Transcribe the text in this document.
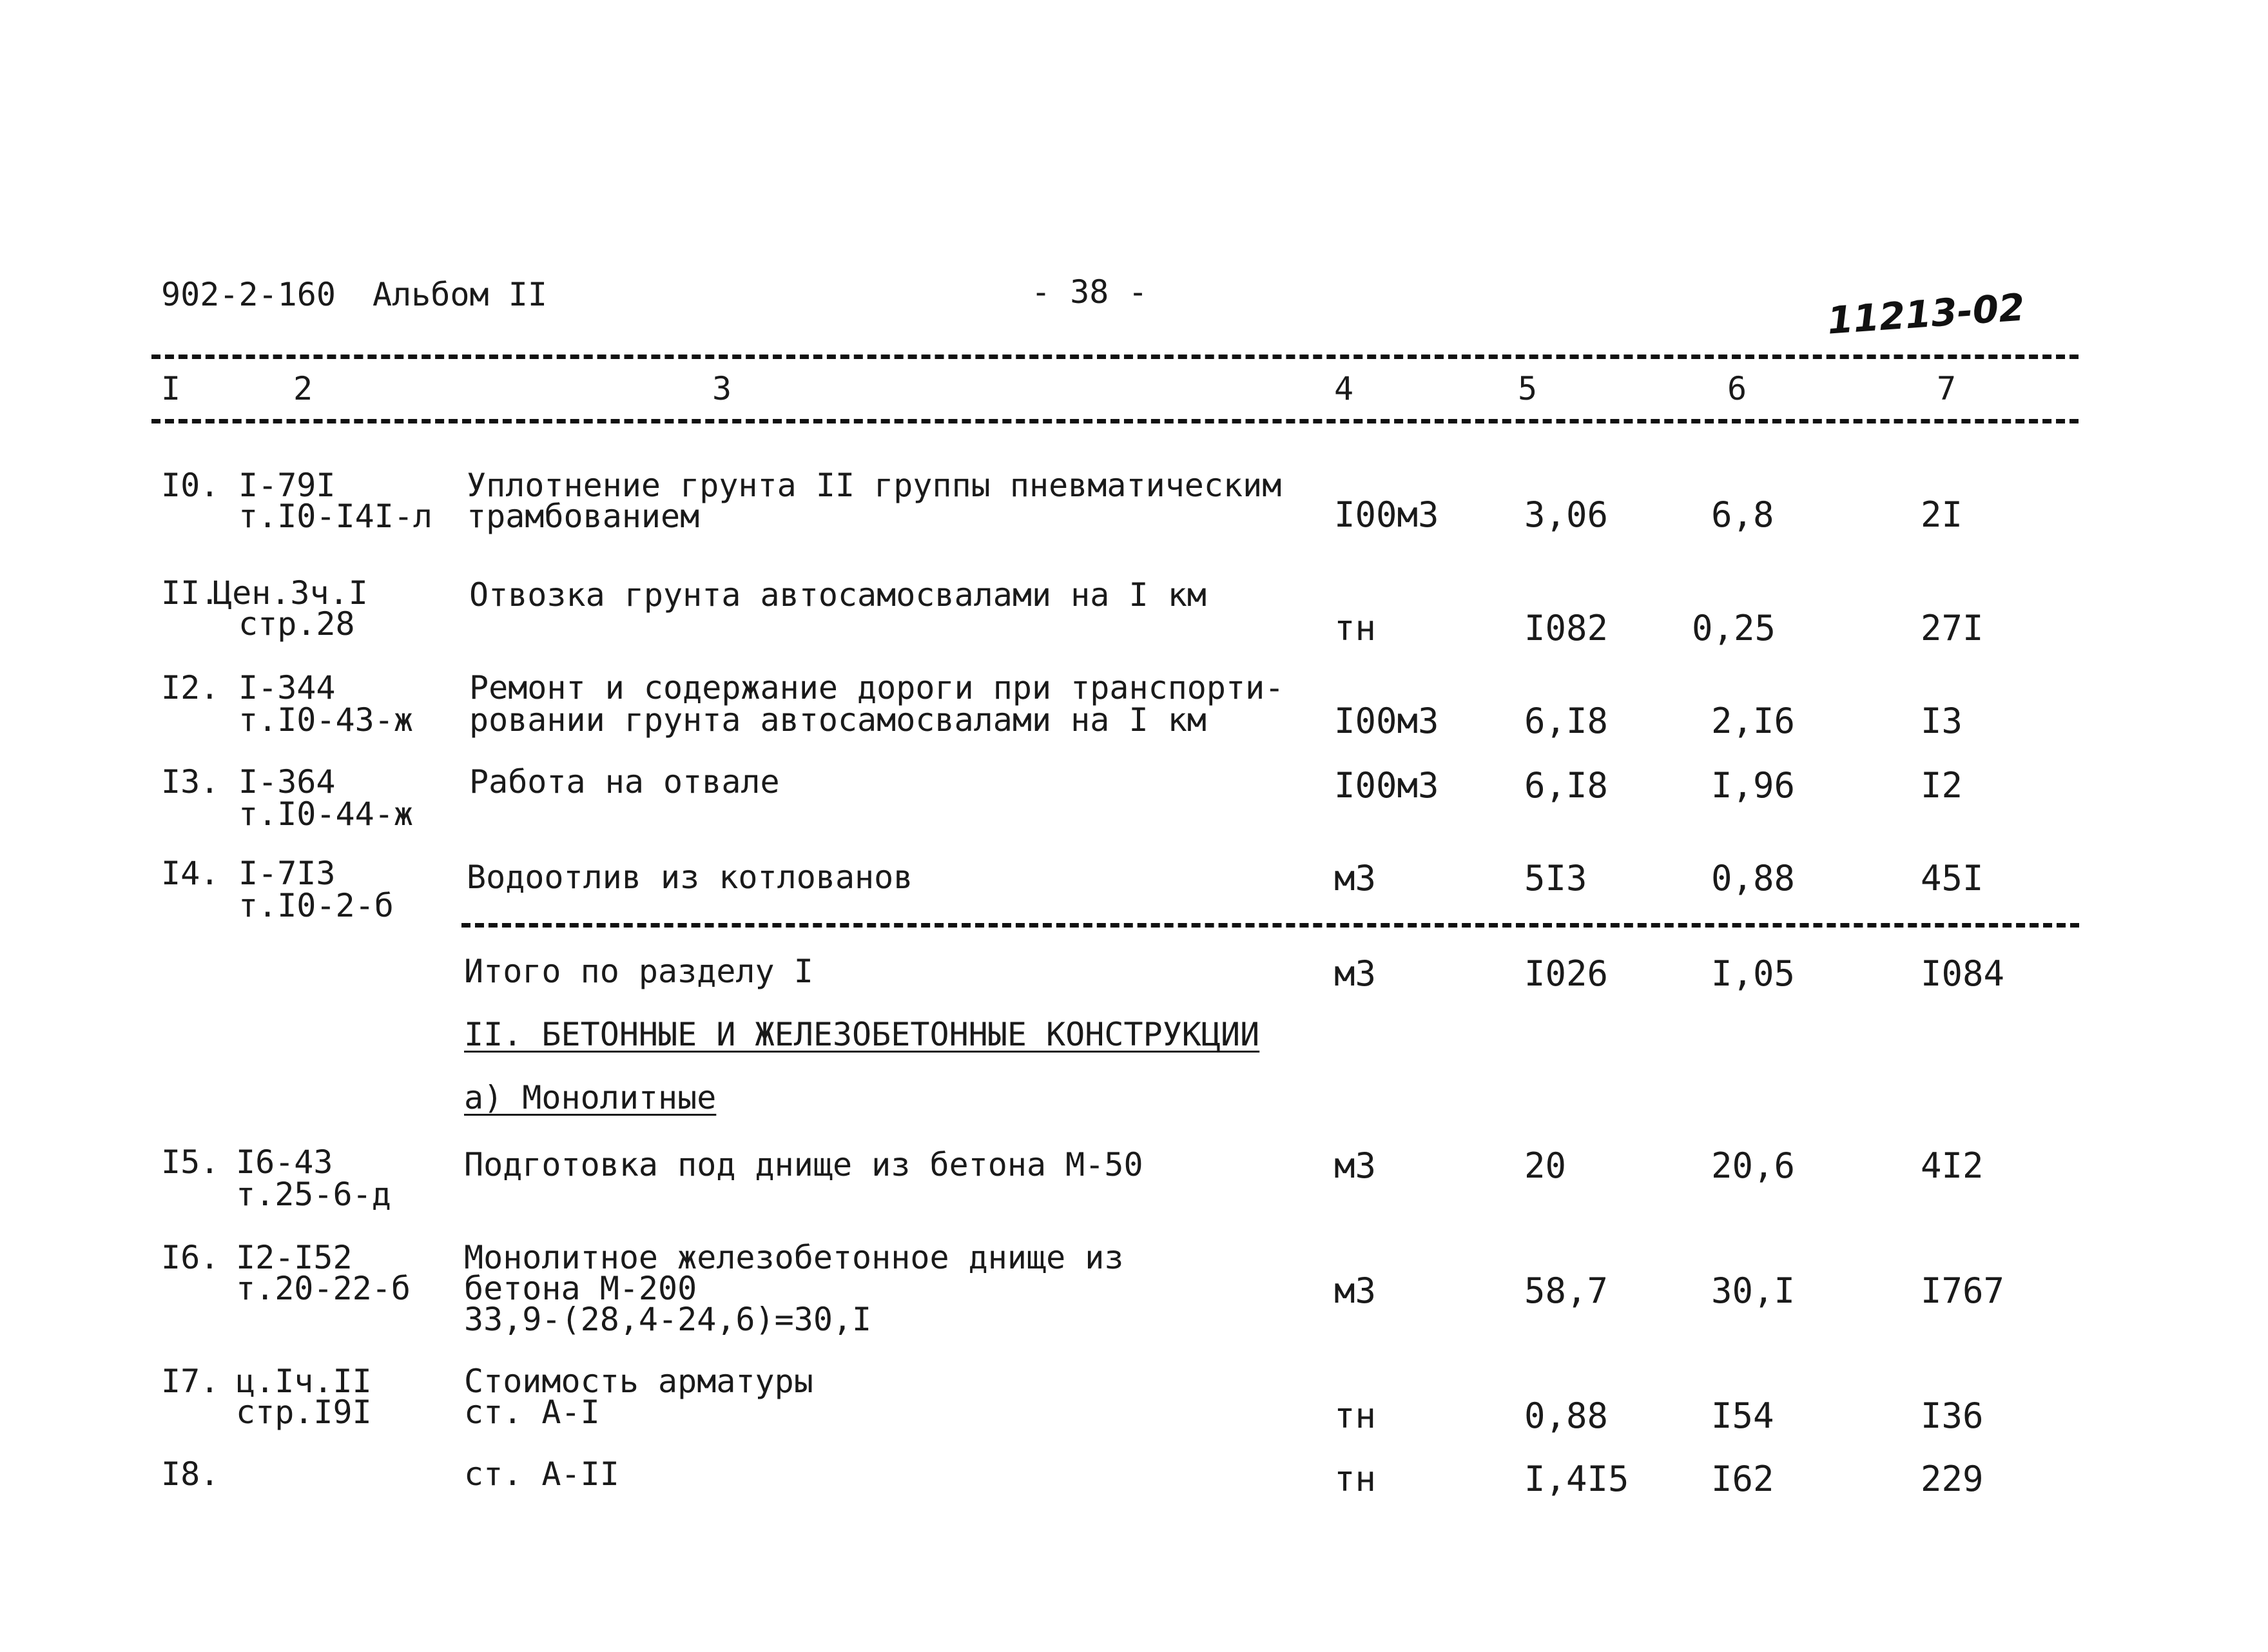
902-2-160 Альбом II	- 38 -	11213-02
I	2	3	4	5	6	7
I0. I-79I
т.I0-I4I-л
Уплотнение грунта II группы пневматическим
трамбованием	I00м3 3,06	6,8	2I
II.
Цен.3ч.I
стр.28
Отвозка грунта автосамосвалами на I км
тн	I082 0,25	27I
I2. I-344
т.I0-43-ж
Ремонт и содержание дороги при транспорти-
ровании грунта автосамосвалами на I км	I00м3 6,I8	2,I6	I3
I3. I-364
т.I0-44-ж
Работа на отвале	I00м3 6,I8	I,96	I2
I4. I-7I3
т.I0-2-б
Водоотлив из котлованов	м3	5I3	0,88	45I
Итого по разделу I	м3	I026	I,05	I084
II. БЕТОННЫЕ И ЖЕЛЕЗОБЕТОННЫЕ КОНСТРУКЦИИ
а) Монолитные
I5. I6-43
т.25-6-д
Подготовка под днище из бетона М-50	м3	20	20,6	4I2
I6. I2-I52
т.20-22-б
Монолитное железобетонное днище из
бетона М-200
33,9-(28,4-24,6)=30,I
м3	58,7	30,I	I767
I7. ц.Iч.II
стр.I9I
Стоимость арматуры
ст. А-I	тн	0,88	I54	I36
I8.	ст. А-II	тн	I,4I5 I62	229
